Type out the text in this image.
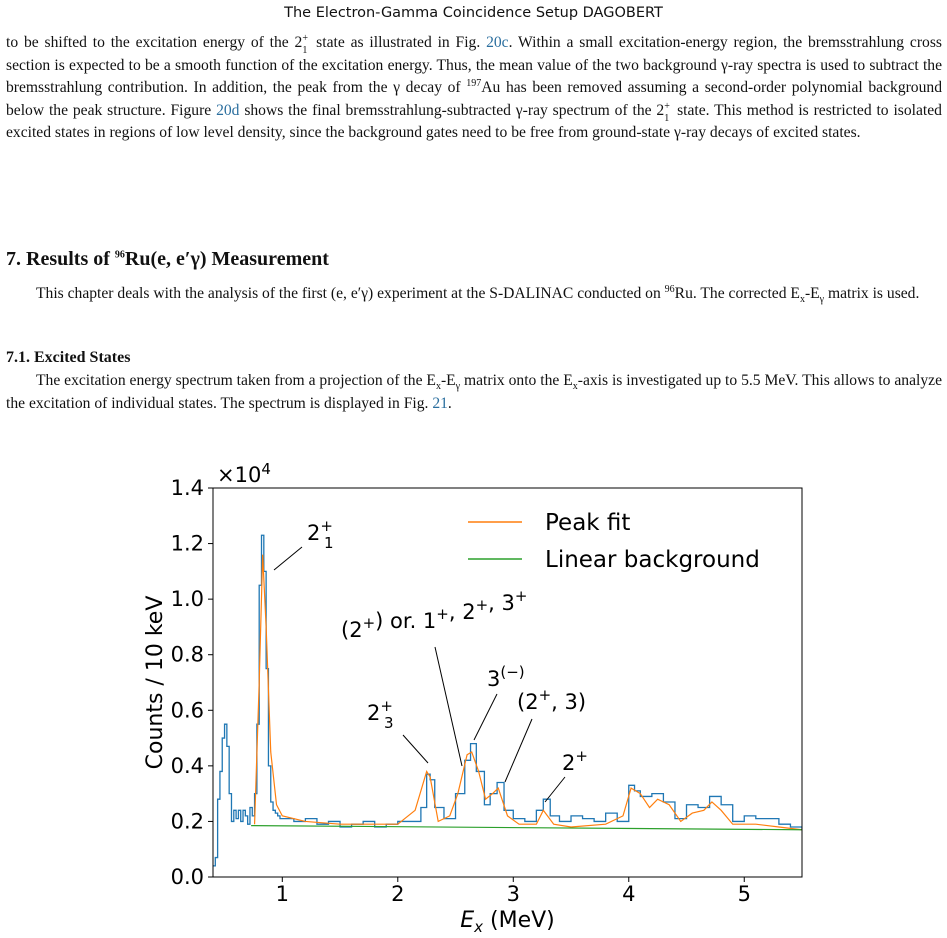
The Electron-Gamma Coincidence Setup DAGOBERT

to be shifted to the excitation energy of the 2 +
1 state as illustrated in Fig. 20c. Within a small excitation-energy region, the bremsstrahlung cross section is expected to be a smooth function of the excitation energy. Thus, the mean value of the two background γ-ray spectra is used to subtract the bremsstrahlung contribution. In addition, the peak from the γ decay of $^{197}$Au has been removed assuming a second-order polynomial background below the peak structure. Figure 20d shows the final bremsstrahlung-subtracted γ-ray spectrum of the 2 +
1 state. This method is restricted to isolated excited states in regions of low level density, since the background gates need to be free from ground-state γ-ray decays of excited states.

7. Results of $^{96}$Ru(e, e′γ) Measurement

This chapter deals with the analysis of the first (e, e′γ) experiment at the S-DALINAC conducted on $^{96}$Ru. The corrected $E_x-E_\gamma$ matrix is used.

7.1. Excited States

The excitation energy spectrum taken from a projection of the $E_x-E_\gamma$ matrix onto the $E_x$-axis is investigated up to 5.5 MeV. This allows to analyze the excitation of individual states. The spectrum is displayed in Fig. 21.

1	2	3	4	5
0.0
0.2
0.4
0.6
0.8
1.0
1.2
1.4
$\times 10^4$
$E_x$ (MeV)
Counts / 10 keV
Peak fit
Linear background
2+ 1
2+ 3
(2+) or. 1+, 2+, 3+
3(−)
(2+, 3)
2+
